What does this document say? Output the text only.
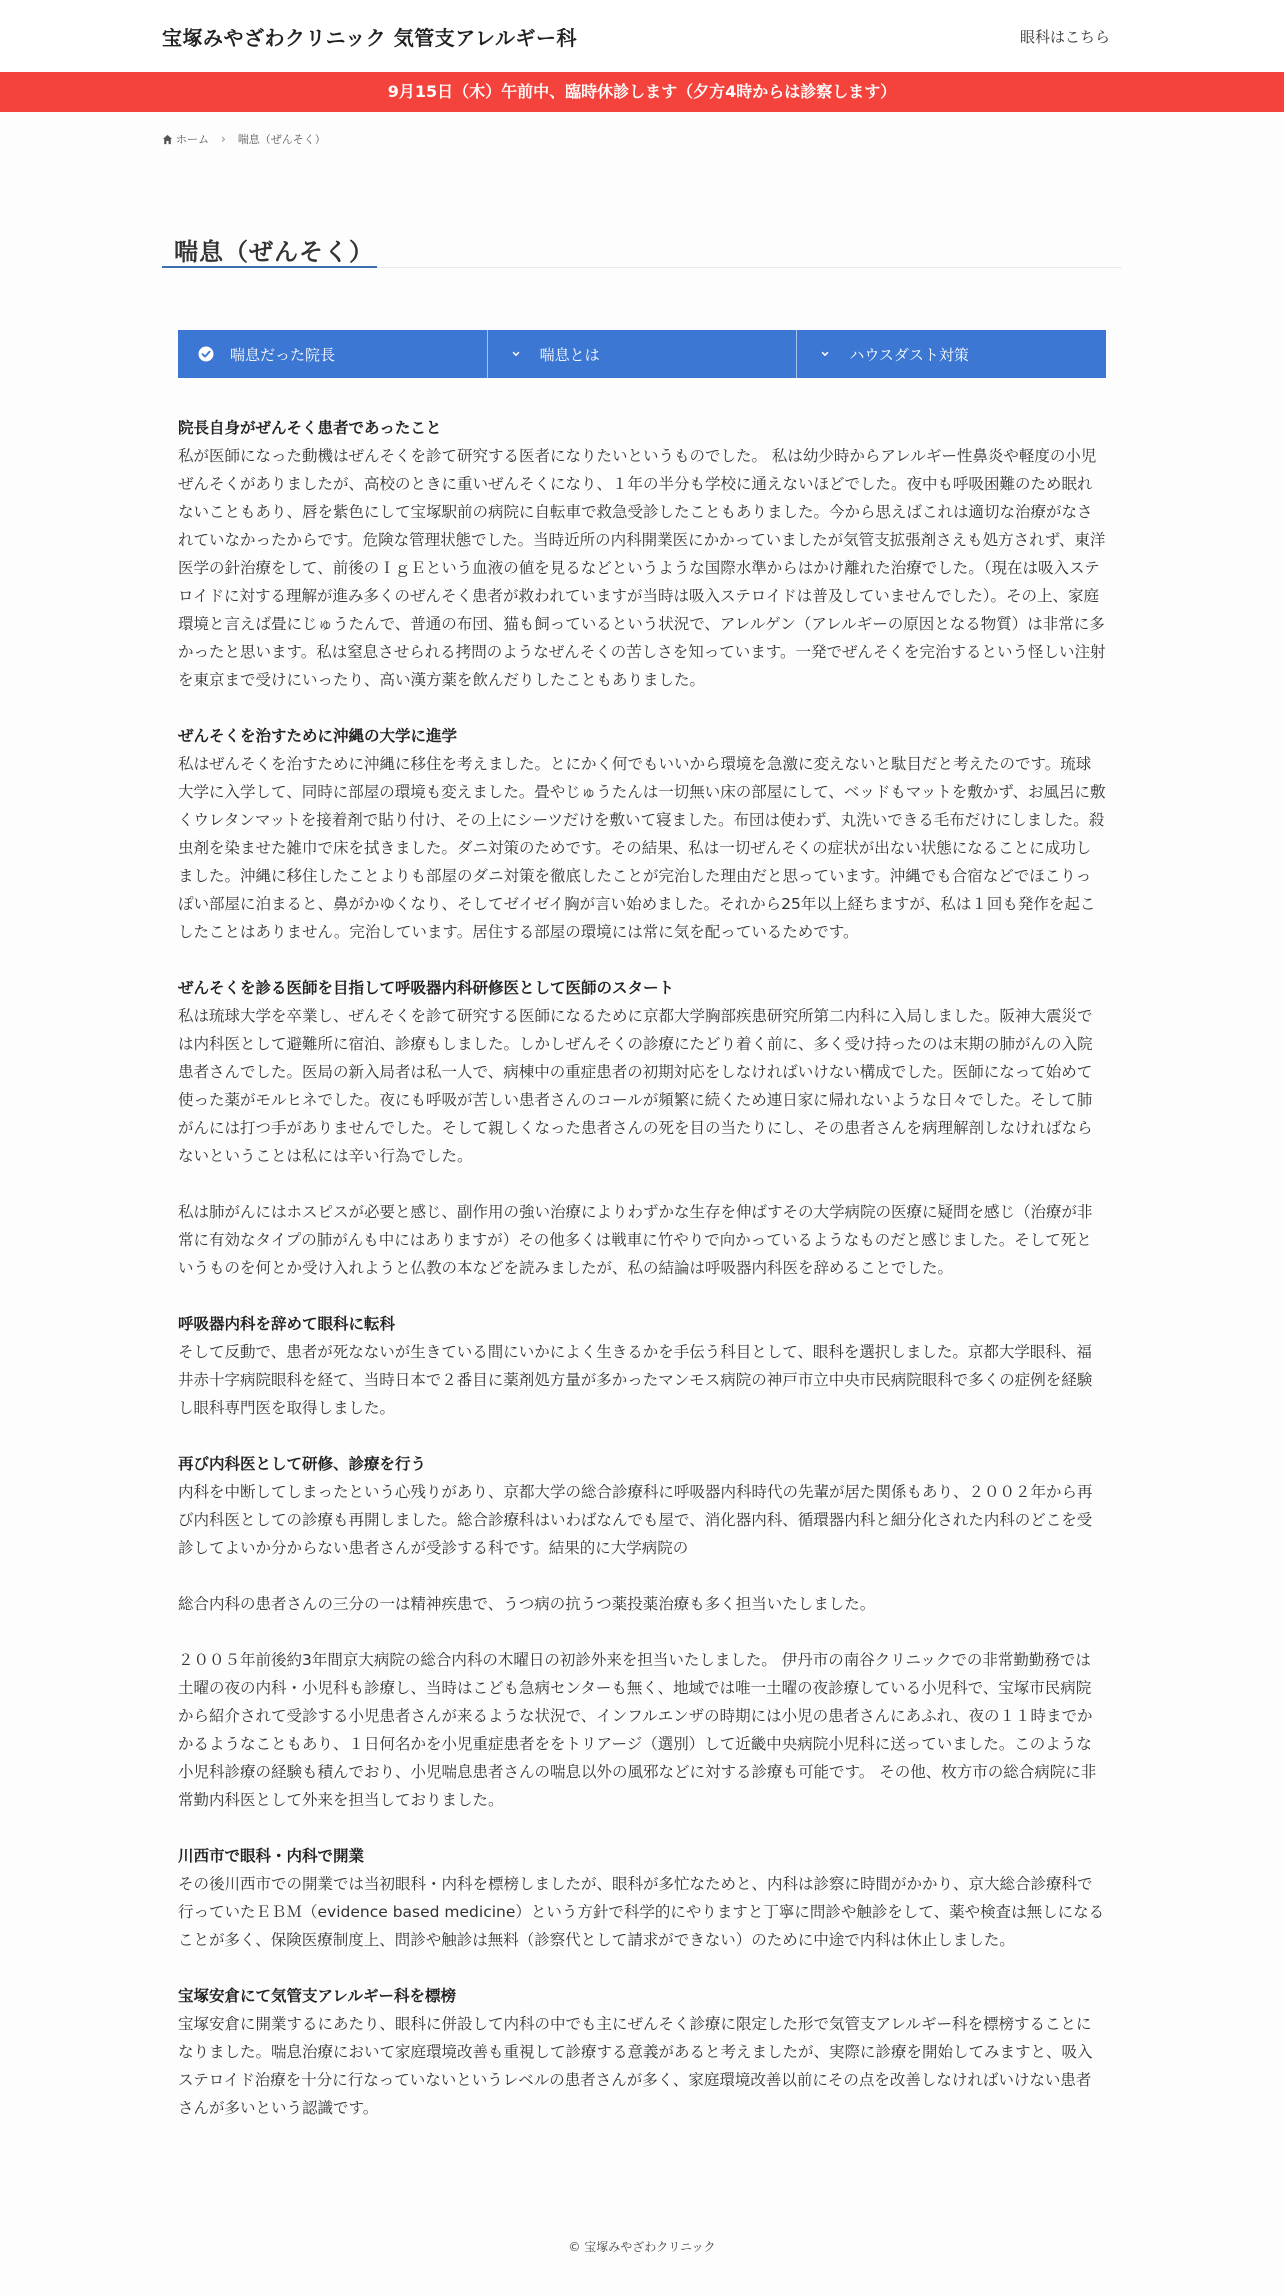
宝塚みやざわクリニック 気管支アレルギー科	眼科はこちら
9月15日（木）午前中、臨時休診します（夕方4時からは診察します）
ホーム	›	喘息（ぜんそく）
喘息（ぜんそく）
喘息だった院長	喘息とは	ハウスダスト対策
院長自身がぜんそく患者であったこと

私が医師になった動機はぜんそくを診て研究する医者になりたいというものでした。 私は幼少時からアレルギー性鼻炎や軽度の小児ぜんそくがありましたが、高校のときに重いぜんそくになり、１年の半分も学校に通えないほどでした。夜中も呼吸困難のため眠れないこともあり、唇を紫色にして宝塚駅前の病院に自転車で救急受診したこともありました。今から思えばこれは適切な治療がなされていなかったからです。危険な管理状態でした。当時近所の内科開業医にかかっていましたが気管支拡張剤さえも処方されず、東洋医学の針治療をして、前後のＩｇＥという血液の値を見るなどというような国際水準からはかけ離れた治療でした。（現在は吸入ステロイドに対する理解が進み多くのぜんそく患者が救われていますが当時は吸入ステロイドは普及していませんでした）。その上、家庭環境と言えば畳にじゅうたんで、普通の布団、猫も飼っているという状況で、アレルゲン（アレルギーの原因となる物質）は非常に多かったと思います。私は窒息させられる拷問のようなぜんそくの苦しさを知っています。一発でぜんそくを完治するという怪しい注射を東京まで受けにいったり、高い漢方薬を飲んだりしたこともありました。

ぜんそくを治すために沖縄の大学に進学

私はぜんそくを治すために沖縄に移住を考えました。とにかく何でもいいから環境を急激に変えないと駄目だと考えたのです。琉球大学に入学して、同時に部屋の環境も変えました。畳やじゅうたんは一切無い床の部屋にして、ベッドもマットを敷かず、お風呂に敷くウレタンマットを接着剤で貼り付け、その上にシーツだけを敷いて寝ました。布団は使わず、丸洗いできる毛布だけにしました。殺虫剤を染ませた雑巾で床を拭きました。ダニ対策のためです。その結果、私は一切ぜんそくの症状が出ない状態になることに成功しました。沖縄に移住したことよりも部屋のダニ対策を徹底したことが完治した理由だと思っています。沖縄でも合宿などでほこりっぽい部屋に泊まると、鼻がかゆくなり、そしてゼイゼイ胸が言い始めました。それから25年以上経ちますが、私は１回も発作を起こしたことはありません。完治しています。居住する部屋の環境には常に気を配っているためです。

ぜんそくを診る医師を目指して呼吸器内科研修医として医師のスタート

私は琉球大学を卒業し、ぜんそくを診て研究する医師になるために京都大学胸部疾患研究所第二内科に入局しました。阪神大震災では内科医として避難所に宿泊、診療もしました。しかしぜんそくの診療にたどり着く前に、多く受け持ったのは末期の肺がんの入院患者さんでした。医局の新入局者は私一人で、病棟中の重症患者の初期対応をしなければいけない構成でした。医師になって始めて使った薬がモルヒネでした。夜にも呼吸が苦しい患者さんのコールが頻繁に続くため連日家に帰れないような日々でした。そして肺がんには打つ手がありませんでした。そして親しくなった患者さんの死を目の当たりにし、その患者さんを病理解剖しなければならないということは私には辛い行為でした。

私は肺がんにはホスピスが必要と感じ、副作用の強い治療によりわずかな生存を伸ばすその大学病院の医療に疑問を感じ（治療が非常に有効なタイプの肺がんも中にはありますが）その他多くは戦車に竹やりで向かっているようなものだと感じました。そして死というものを何とか受け入れようと仏教の本などを読みましたが、私の結論は呼吸器内科医を辞めることでした。

呼吸器内科を辞めて眼科に転科

そして反動で、患者が死なないが生きている間にいかによく生きるかを手伝う科目として、眼科を選択しました。京都大学眼科、福井赤十字病院眼科を経て、当時日本で２番目に薬剤処方量が多かったマンモス病院の神戸市立中央市民病院眼科で多くの症例を経験し眼科専門医を取得しました。

再び内科医として研修、診療を行う

内科を中断してしまったという心残りがあり、京都大学の総合診療科に呼吸器内科時代の先輩が居た関係もあり、２００２年から再び内科医としての診療も再開しました。総合診療科はいわばなんでも屋で、消化器内科、循環器内科と細分化された内科のどこを受診してよいか分からない患者さんが受診する科です。結果的に大学病院の

総合内科の患者さんの三分の一は精神疾患で、うつ病の抗うつ薬投薬治療も多く担当いたしました。

２００５年前後約3年間京大病院の総合内科の木曜日の初診外来を担当いたしました。 伊丹市の南谷クリニックでの非常勤勤務では土曜の夜の内科・小児科も診療し、当時はこども急病センターも無く、地域では唯一土曜の夜診療している小児科で、宝塚市民病院から紹介されて受診する小児患者さんが来るような状況で、インフルエンザの時期には小児の患者さんにあふれ、夜の１１時までかかるようなこともあり、１日何名かを小児重症患者ををトリアージ（選別）して近畿中央病院小児科に送っていました。このような小児科診療の経験も積んでおり、小児喘息患者さんの喘息以外の風邪などに対する診療も可能です。 その他、枚方市の総合病院に非常勤内科医として外来を担当しておりました。

川西市で眼科・内科で開業

その後川西市での開業では当初眼科・内科を標榜しましたが、眼科が多忙なためと、内科は診察に時間がかかり、京大総合診療科で行っていたＥＢＭ（evidence based medicine）という方針で科学的にやりますと丁寧に問診や触診をして、薬や検査は無しになることが多く、保険医療制度上、問診や触診は無料（診察代として請求ができない）のために中途で内科は休止しました。

宝塚安倉にて気管支アレルギー科を標榜

宝塚安倉に開業するにあたり、眼科に併設して内科の中でも主にぜんそく診療に限定した形で気管支アレルギー科を標榜することになりました。喘息治療において家庭環境改善も重視して診療する意義があると考えましたが、実際に診療を開始してみますと、吸入ステロイド治療を十分に行なっていないというレベルの患者さんが多く、家庭環境改善以前にその点を改善しなければいけない患者さんが多いという認識です。

© 宝塚みやざわクリニック
